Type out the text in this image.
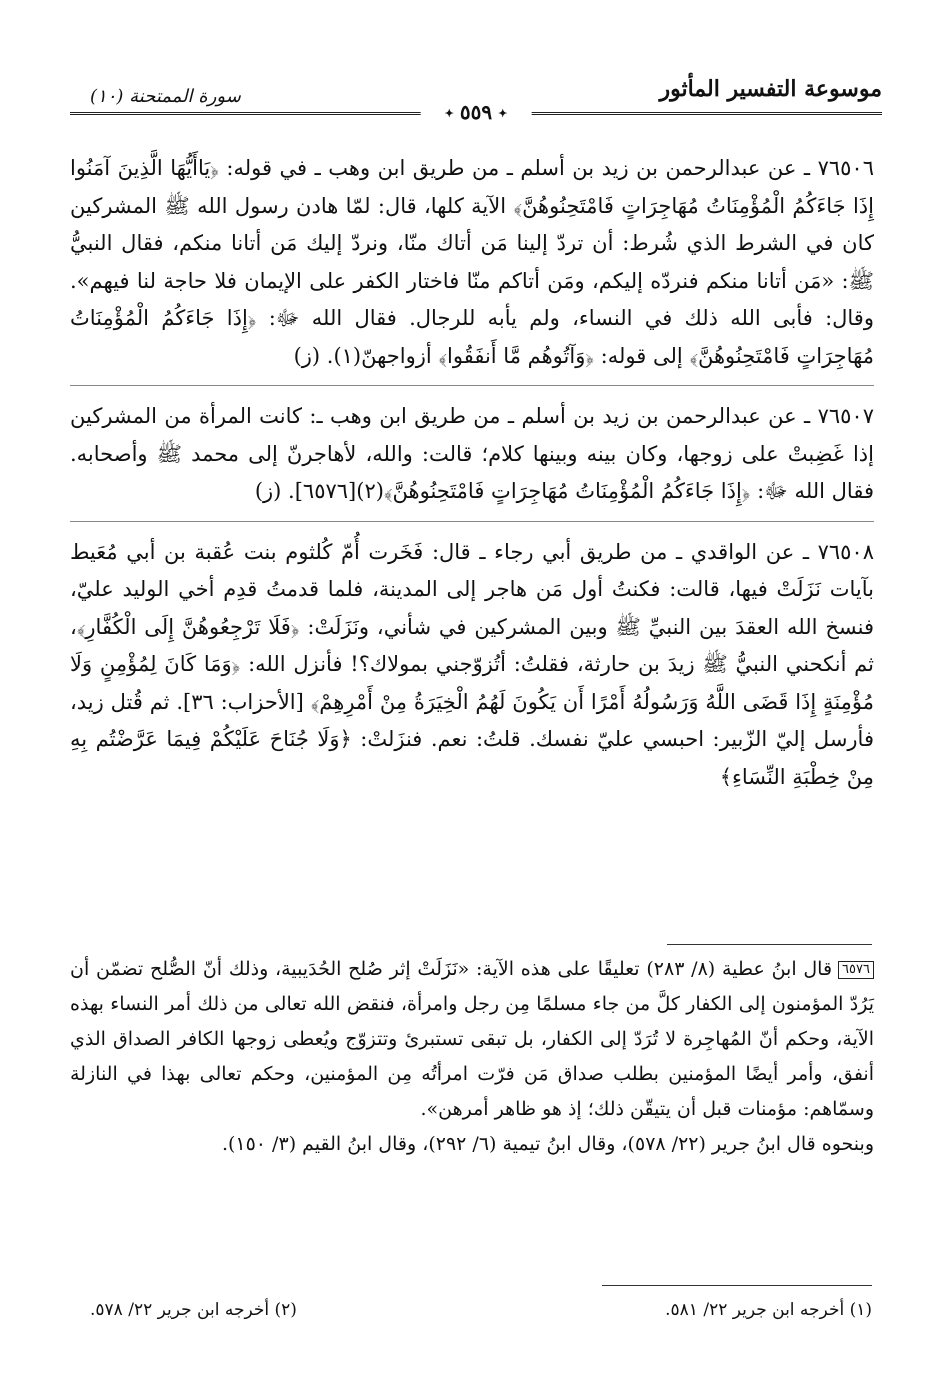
موسوعة التفسير المأثور
سورة الممتحنة (١٠)
✦ ٥٥٩ ✦

٧٦٥٠٦ ـ عن عبدالرحمن بن زيد بن أسلم ـ من طريق ابن وهب ـ في قوله: ﴿يَاأَيُّهَا الَّذِينَ آمَنُوا إِذَا جَاءَكُمُ الْمُؤْمِنَاتُ مُهَاجِرَاتٍ فَامْتَحِنُوهُنَّ﴾ الآية كلها، قال: لمّا هادن رسول الله ﷺ المشركين كان في الشرط الذي شُرط: أن تردّ إلينا مَن أتاك منّا، ونردّ إليك مَن أتانا منكم، فقال النبيُّ ﷺ: «مَن أتانا منكم فنردّه إليكم، ومَن أتاكم منّا فاختار الكفر على الإيمان فلا حاجة لنا فيهم». وقال: فأبى الله ذلك في النساء، ولم يأبه للرجال. فقال الله ﷻ: ﴿إِذَا جَاءَكُمُ الْمُؤْمِنَاتُ مُهَاجِرَاتٍ فَامْتَحِنُوهُنَّ﴾ إلى قوله: ﴿وَآتُوهُم مَّا أَنفَقُوا﴾ أزواجهنّ(١). (ز)

٧٦٥٠٧ ـ عن عبدالرحمن بن زيد بن أسلم ـ من طريق ابن وهب ـ: كانت المرأة من المشركين إذا غَضِبتْ على زوجها، وكان بينه وبينها كلام؛ قالت: والله، لأهاجرنّ إلى محمد ﷺ وأصحابه. فقال الله ﷻ: ﴿إِذَا جَاءَكُمُ الْمُؤْمِنَاتُ مُهَاجِرَاتٍ فَامْتَحِنُوهُنَّ﴾(٢)[٦٥٧٦]. (ز)

٧٦٥٠٨ ـ عن الواقدي ـ من طريق أبي رجاء ـ قال: فَخَرت أُمّ كُلثوم بنت عُقبة بن أبي مُعَيط بآيات نَزَلَتْ فيها، قالت: فكنتُ أول مَن هاجر إلى المدينة، فلما قدمتُ قدِم أخي الوليد عليّ، فنسخ الله العقدَ بين النبيِّ ﷺ وبين المشركين في شأني، ونَزَلَتْ: ﴿فَلَا تَرْجِعُوهُنَّ إِلَى الْكُفَّارِ﴾، ثم أنكحني النبيُّ ﷺ زيدَ بن حارثة، فقلتُ: أتُزوّجني بمولاك؟! فأنزل الله: ﴿وَمَا كَانَ لِمُؤْمِنٍ وَلَا مُؤْمِنَةٍ إِذَا قَضَى اللَّهُ وَرَسُولُهُ أَمْرًا أَن يَكُونَ لَهُمُ الْخِيَرَةُ مِنْ أَمْرِهِمْ﴾ [الأحزاب: ٣٦]. ثم قُتل زيد، فأرسل إليّ الزّبير: احبسي عليّ نفسك. قلتُ: نعم. فنزَلتْ: ﴿وَلَا جُنَاحَ عَلَيْكُمْ فِيمَا عَرَّضْتُم بِهِ مِنْ خِطْبَةِ النِّسَاءِ﴾

٦٥٧٦قال ابنُ عطية (٨/ ٢٨٣) تعليقًا على هذه الآية: «نَزَلَتْ إثر صُلح الحُدَيبية، وذلك أنّ الصُّلح تضمّن أن يَرُدّ المؤمنون إلى الكفار كلَّ من جاء مسلمًا مِن رجل وامرأة، فنقض الله تعالى من ذلك أمر النساء بهذه الآية، وحكم أنّ المُهاجِرة لا تُرَدّ إلى الكفار، بل تبقى تستبرئ وتتزوّج ويُعطى زوجها الكافر الصداق الذي أنفق، وأمر أيضًا المؤمنين بطلب صداق مَن فرّت امرأتُه مِن المؤمنين، وحكم تعالى بهذا في النازلة وسمّاهم: مؤمنات قبل أن يتيقّن ذلك؛ إذ هو ظاهر أمرهن».
وبنحوه قال ابنُ جرير (٢٢/ ٥٧٨)، وقال ابنُ تيمية (٦/ ٢٩٢)، وقال ابنُ القيم (٣/ ١٥٠).
(١) أخرجه ابن جرير ٢٢/ ٥٨١.
(٢) أخرجه ابن جرير ٢٢/ ٥٧٨.
